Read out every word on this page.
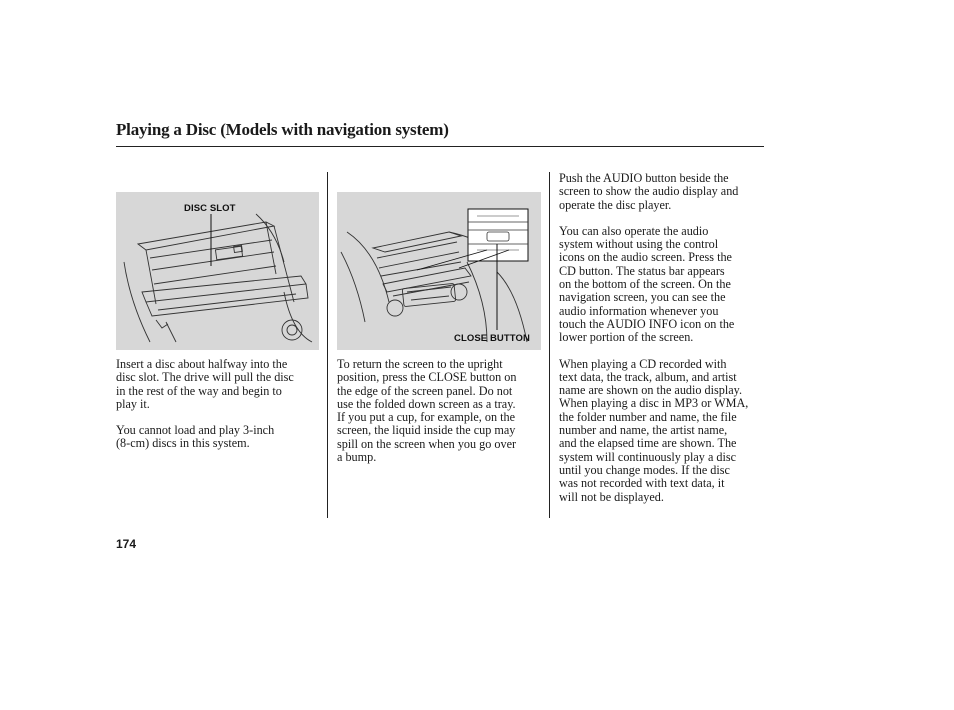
Playing a Disc (Models with navigation system)
DISC SLOT
CLOSE BUTTON

Insert a disc about halfway into the
disc slot. The drive will pull the disc
in the rest of the way and begin to
play it.

You cannot load and play 3-inch
(8-cm) discs in this system.

To return the screen to the upright
position, press the CLOSE button on
the edge of the screen panel. Do not
use the folded down screen as a tray.
If you put a cup, for example, on the
screen, the liquid inside the cup may
spill on the screen when you go over
a bump.

Push the AUDIO button beside the
screen to show the audio display and
operate the disc player.

You can also operate the audio
system without using the control
icons on the audio screen. Press the
CD button. The status bar appears
on the bottom of the screen. On the
navigation screen, you can see the
audio information whenever you
touch the AUDIO INFO icon on the
lower portion of the screen.

When playing a CD recorded with
text data, the track, album, and artist
name are shown on the audio display.
When playing a disc in MP3 or WMA,
the folder number and name, the file
number and name, the artist name,
and the elapsed time are shown. The
system will continuously play a disc
until you change modes. If the disc
was not recorded with text data, it
will not be displayed.

174
